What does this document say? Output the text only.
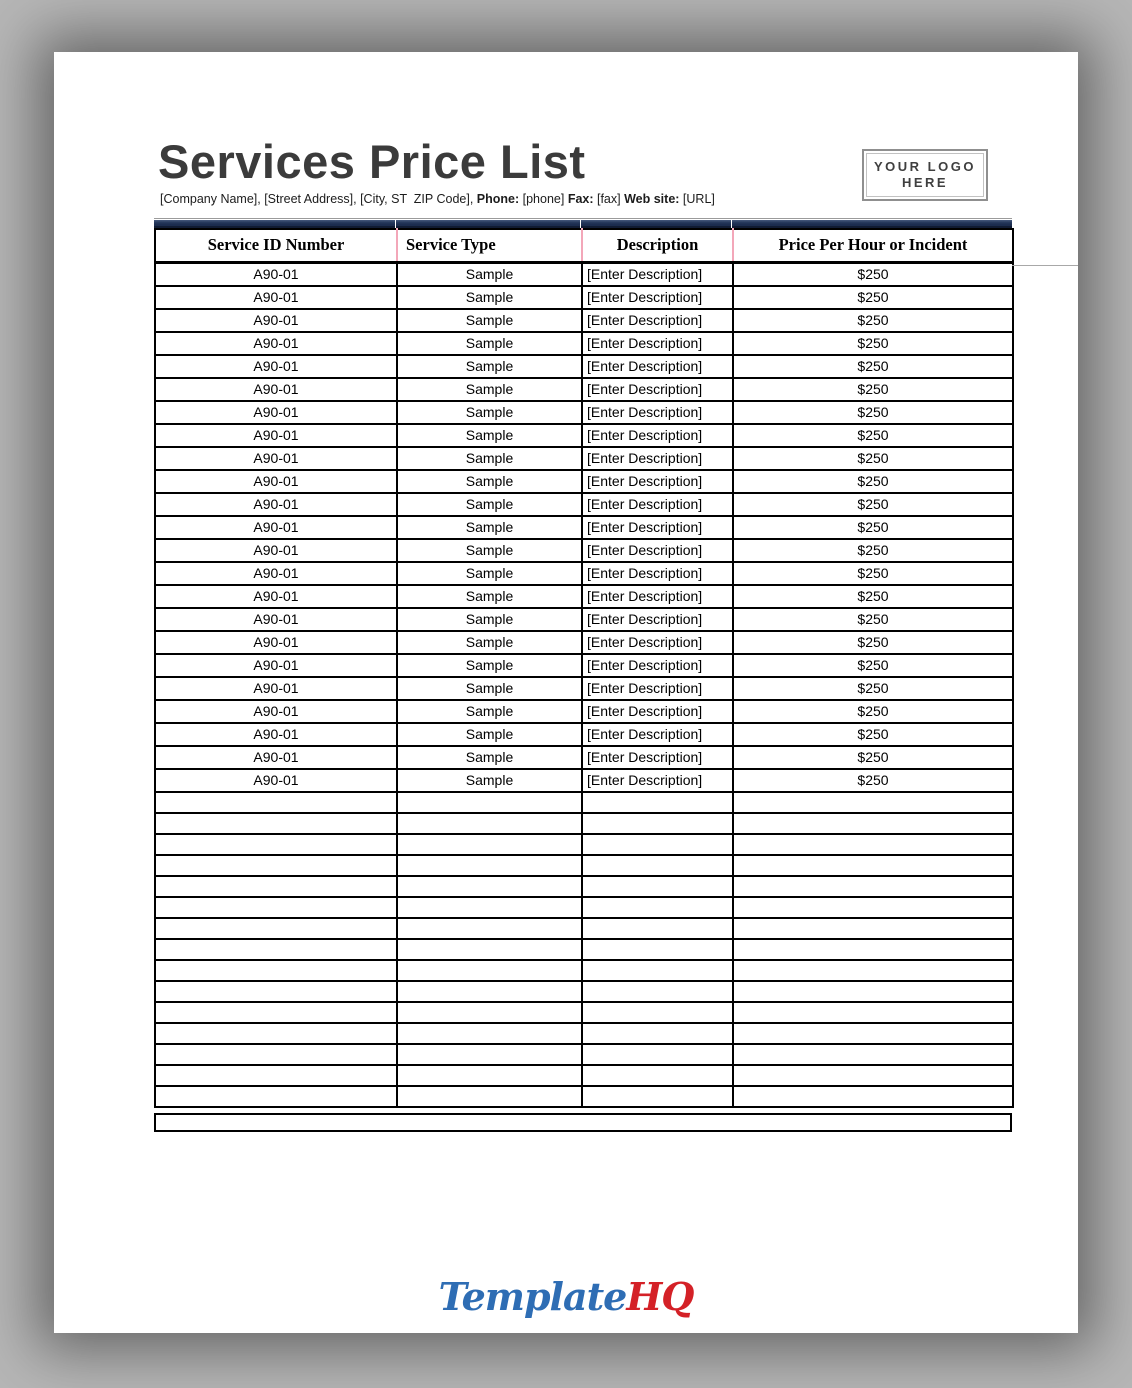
Services Price List	YOUR LOGO
HERE

[Company Name], [Street Address], [City, ST  ZIP Code], Phone: [phone] Fax: [fax] Web site: [URL]

Service ID Number	Service Type	Description	Price Per Hour or Incident
A90-01	Sample	[Enter Description]	$250
A90-01	Sample	[Enter Description]	$250
A90-01	Sample	[Enter Description]	$250
A90-01	Sample	[Enter Description]	$250
A90-01	Sample	[Enter Description]	$250
A90-01	Sample	[Enter Description]	$250
A90-01	Sample	[Enter Description]	$250
A90-01	Sample	[Enter Description]	$250
A90-01	Sample	[Enter Description]	$250
A90-01	Sample	[Enter Description]	$250
A90-01	Sample	[Enter Description]	$250
A90-01	Sample	[Enter Description]	$250
A90-01	Sample	[Enter Description]	$250
A90-01	Sample	[Enter Description]	$250
A90-01	Sample	[Enter Description]	$250
A90-01	Sample	[Enter Description]	$250
A90-01	Sample	[Enter Description]	$250
A90-01	Sample	[Enter Description]	$250
A90-01	Sample	[Enter Description]	$250
A90-01	Sample	[Enter Description]	$250
A90-01	Sample	[Enter Description]	$250
A90-01	Sample	[Enter Description]	$250
A90-01	Sample	[Enter Description]	$250

TemplateHQ
